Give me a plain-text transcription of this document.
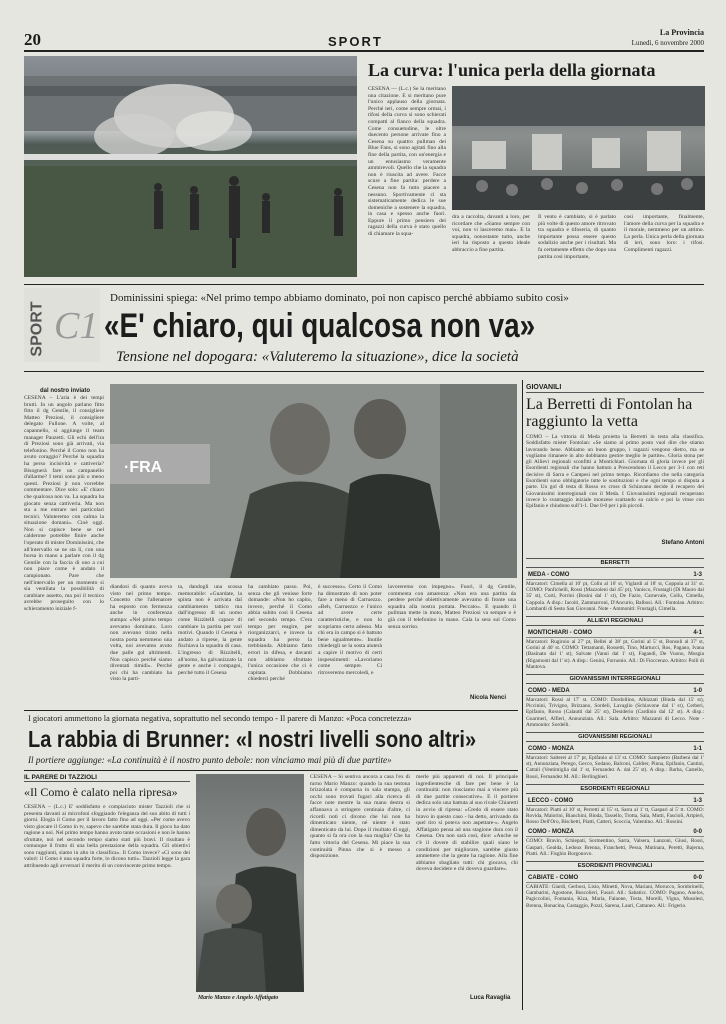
20	SPORT
La Provincia
Lunedì, 6 novembre 2000
La curva: l'unica perla della giornata
CESENA — (L.c.) Se la meritano una citazione. E si meritano pure l'unico applauso della giornata. Perché ieri, come sempre ormai, i tifosi della curva si sono schierati compatti al fianco della squadra. Come consuetudine, le oltre duecento persone arrivate fino a Cesena su quattro pullman dei Blue Fans, si sono agitati fino alla fine della partita, con un'energia e un entusiasmo veramente ammirevoli. Quello che la squadra non è riuscita ad avere. Facce scure a fine partita: perdere a Cesena non fa tutto piacere a nessuno. Sportivamente ci sta sistematicamente dedica le sue domeniche a sostenere la squadra, in casa e spesso anche fuori. Eppure il primo pensiero dei ragazzi della curva è stato quello di chiamare la squa-
dra a raccolta, davanti a loro, per ricordare che «Siamo sempre con voi, non vi lasceremo mai». E la squadra, nonostante tutto, anche ieri ha risposto a questo ideale abbraccio a fine partita.
Il vento è cambiato, si è parlato più volte di questo amore ritrovato tra squadra e tifoseria, di quanto importante possa essere questo sodalizio anche per i risultati. Ma fa certamente effetto che dopo una partita così importante,
così importante, finalmente, l'amore della curva per la squadra e il morale, nemmeno per un attimo. La perla. Unica perla della giornata di ieri, sono loro: i tifosi. Complimenti ragazzi.
SPORT C1
Dominissini spiega: «Nel primo tempo abbiamo dominato, poi non capisco perché abbiamo subito così»
«E' chiaro, qui qualcosa non va»
Tensione nel dopogara: «Valuteremo la situazione», dice la società
dal nostro inviato
CESENA – L'aria è dei tempi brutti. In un angolo parlano fitto fitto il dg Gentile, il consigliere Matteo Preziosi, il consigliere delegato Fullone. A volte, al capannello, si aggiunge il team manager Pauzetti. Gli echi dell'ira di Preziosi sono già arrivati, via telefonino. Perché il Como non ha avuto coraggio? Perché la squadra ha perso incisività e cattiveria? Bisognerà fare un campanello d'allarme? I temi sono più o meno questi. Preziosi jr non vorrebbe commentare. Dice solo: «E' chiaro che qualcosa non va. La squadra ha giocato senza cattiveria. Ma non sta a me entrare nei particolari tecnici. Valuteremo con calma la situazione domani». Cioè oggi. Non si capisce bene se nel calderone potrebbe finire anche l'operato di mister Dominissini, che all'intervallo se ne sta lì, con una borsa in mano a parlare con il dg Gentile con la faccia di uno a cui non piace come è andato il campionato. Pare che nell'intervallo per un momento si sia ventilata la possibilità di cambiare assetto, ma poi il tecnico avrebbe proseguito con lo schieramento iniziale f-
·FRA
diandosi di quanto aveva visto nel primo tempo. Concetto che l'allenatore ha esposto con fermezza anche in conferenza stampa: «Nel primo tempo avevamo dominato. Loro non avevano tirato nella nostra porta nemmeno una volta, noi avevamo avuto due palle gol altrimenti. Non capisco perché siamo diventati timidi». Perché poi chi ha cambiato ha visto la parti-
ta, dandogli una scossa memorabile: «Guardate, la spinta non è arrivata dal cambiamento tattico ma dall'ingresso di un uomo come Rizzitelli capace di cambiare la partita per vari motivi. Quando il Cesena è andato a riprese, la gente fischiava la squadra di casa. L'ingresso di Rizzitelli, all'uomo, ha galvanizzato la gente e anche i compagni, perché tutto il Cesena
ha cambiato passo. Poi, senza che gli venisse forte domande: «Non ho capito, invece, perché il Como abbia subito così il Cesena nel secondo tempo. C'era tempo per reagire, per riorganizzarci, e invece la squadra ha perso la trebbianda. Abbiamo fatto errori in difesa, e davanti non abbiamo sfruttato l'unica occasione che ci è capitata. Dobbiamo chiederci perché
è successo». Certo il Como ha dimostrato di non poter fare a meno di Carruezzo. «Beh, Carruezzo e l'unico ad avere certe caratteristiche, e non lo scopriamo certo adesso. Ma chi era in campo si è battuto bene ugualmente». Inutile chiedergli se la sosta aiuterà a capire il motivo di certi inspessimenti: «Lavoriamo come sempre. Ci ritroveremo mercoledì, e
lavoreremo con impegno». Fuori, il dg Gentile, commenta con amarezza: «Non era una partita da perdere perché obiettivamente avevamo di fronte una squadra alla nostra portata. Peccato». E quando il pullman mette in moto, Matteo Preziosi va sempre o è già con il telefonino in mano. Cala la sera sul Como senza sorriso.
Nicola Nenci
GIOVANILI
La Berretti di Fontolan ha raggiunto la vetta
COMO – La vittoria di Meda proietta la Berretti in testa alla classifica. Soddisfatto mister Fontolan: «Se siamo al primo posto vuol dire che stiamo lavorando bene. Abbiamo un buon gruppo, i ragazzi vengono dietro, ma se vogliamo rimanere in alto dobbiamo gestire meglio le partite». Gloria stona per gli Allievi regionali sconfitti a Montichiari. Giornata di gloria invece per gli Esordienti regionali che hanno battuto a Prescendono il Lecco per 3-1 con reti decisive di Sarra e Campesi nel primo tempo. Ricordiamo che nella categoria Esordienti sono obbligatorie tutte le sostituzioni e che ogni tempo si disputa a parte. Un gol di testa di Rosso ex cross di Schiavano decide il recupero dei Giovanissimi interregionali con il Meda. I Giovanissimi regionali recuperano invece lo svantaggio iniziale monzese scattando su calcio e poi la vinse con Epifanio e chiudono sull'1-1. Due 0-0 per i più piccoli.
Stefano Antoni
BERRETTI
MEDA - COMO	1-3
Marcatori: Cimella al 10' pt, Collu al 16' st, Viglardi al 18' st, Coppola al 31' st. COMO: Panfichelli, Rossi (Mazzoleni dal 45' pt), Vanisco, Frustagli (Di Mauro dal 35' st), Corti, Porrini (Bosini dal 1' st), De Fazio, Carnevale, Collu, Cimella, Coppola. A disp.: Iacoiti, Zammarroni, D'Ancurio, Balbosi. All.: Fontolan. Arbitro: Lombardi di Sesto San Giovanni. Note - Ammoniti: Frustagli, Cimella.
ALLIEVI REGIONALI
MONTICHIARI - COMO	4-1
Marcatori: Rugiroio al 27' pt, Bellei al 38' pt, Gorini al 5' st, Bonsoli al 37' st, Gorini al 40' st. COMO: Tettamanti, Rossetti, Tino, Martucci, Ros, Pagano, Ivana (Basinato dal 1' st), Salvate (Vanni dal 1' st), Fagandi, De Vuono, Musgia (Rigamonti dal 1' st). A disp.: Genini, Fornonio. All.: Di Fioccenzo. Arbitro: Polli di Mantova.
GIOVANISSIMI INTERREGIONALI
COMO - MEDA	1-0
Marcatori: Rossi al 17' st. COMO: Dordollino, Albizzati (Binda dal 15' st), Piccinini, Trivigno, Brizzano, Sordeli, Lavaglio (Schiavone dal 1' st), Cerberi, Epifanio, Rosso (Calautti dal 25' st), Desiderio (Cardinio dal 12' st). A disp.: Guarmeri, Alfieri, Annunziata. All.: Sala. Arbitro: Mazzanti di Lecco. Note - Ammonito: Sordelli.
GIOVANISSIMI REGIONALI
COMO - MONZA	1-1
Marcatori: Salterei al 17' pt, Epifanio al 13' st. COMO: Sampietro (Barbeni dal 1' st), Annunziata, Perego, Gecco, Sodano, Balconi, Caldrer, Pinna, Epifanio, Cantini, Cattali (Ventimiglia dal 1' st, Fernandez A. dal 25' st). A disp.: Barba, Castello, Rossi, Fernandez M. All.: Berlinghieri.
ESORDIENTI REGIONALI
LECCO - COMO	1-3
Marcatori: Piatti al 10' st, Perretti al 15' st, Sarra al 1' tt, Gaspari al 5' tt. COMO: Rovida, Maiorini, Bianchini, Binda, Tassello, Trotta, Sala, Mutti, Fascioli, Artpieri, Rosso Dell'Oro, Bischetti, Piatti, Catteri, Scoccia, Valentino. All.: Rossini.
COMO - MONZA	0-0
COMO: Bravin, Schiepati, Sormentino, Sarra, Valsera, Lanzoni, Giusi, Rossi, Gaspari, Gealda, Ledoux Brenna, Franchetti, Pessa, Mutinara, Peretti, Bajerna, Piatti. All.: Fisghio Borgonovo.
ESORDIENTI PROVINCIALI
CABIATE - COMO	0-0
CABIATE: Giardi, Gerbosi, Lisio, Minetti, Nova, Mariani, Morucco, Sornbrinelli, Gambarini, Agostone, Buscolieri, Fusari. All.: Sabaticc. COMO: Pagano, Anelos, Pagiccolini, Fontania, Kiza, Maria, Falaone, Tosta, Morelli, Vigna, Musolesi, Brenna, Bonacina, Castaggio, Pozzi, Sarena, Lauri, Cattaneo. All.: Frigerio.
I giocatori ammettono la giornata negativa, soprattutto nel secondo tempo - Il parere di Manzo: «Poca concretezza»
La rabbia di Brunner: «I nostri livelli sono altri»
Il portiere aggiunge: «La continuità è il nostro punto debole: non vinciamo mai più di due partite»
IL PARERE DI TAZZIOLI
«Il Como è calato nella ripresa»
CESENA – (L.c.) E' soddisfatto e compiaciuto mister Tazzioli che si presenta davanti ai microfoni sfoggiando l'eleganza del suo abito di tutti i giorni. Elogia il Como per il lavoro fatto fino ad oggi. «Per come avevo visto giocare il Como in tv, sapevo che sarebbe stata dura. Il gioco ha dato ragione a noi. Nel primo tempo hanno avuto tante occasioni e non le hanno sfruttate, noi nel secondo tempo siamo stati più bravi. Il risultato è comunque il frutto di una bella prestazione della squadra. Gli obiettivi sono raggiunti, siamo in alto in classifica». Il Como invece? «Ci sono dei valori: il Como è una squadra forte, lo dicono tutti». Tazzioli legge la gara attribuendo agli avversari il merito di un convincente primo tempo.
Mario Manzo e Angelo Affatigato
CESENA – Si sentiva ancora a casa l'ex di turno Mario Manzo: quando la sua testona brizzolata è comparsa in sala stampa, gli occhi sono trovati fugaci alla ricerca di facce note mentre la sua mano destra si affannava a stringere centinaia d'altre, ci ricordi noti ci dicono che lui non ha dimenticato niente, né niente è stato dimenticato da lui. Dopo il risultato di oggi, quanto si fa ora con la sua maglia? Che ha fatto vittoria del Cesena. Mi piace la sua continuità Pinna che si è messo a disposizione.
merle più apparenti di noi. Il principale ingredientesche di fare per bene è la continuità: non riusciamo mai a vincere più di due partite consecutive». E il portiere dedica solo una battuta al suo rivale Chiaretti in avvio di ripresa: «Credo di essere stato bravo in questo caso - ha detto, arrivando da quel tiro si poteva non aspettare-». Angelo Affatigato pensa ad una stagione dura con il Cesena. Ora non sarà così, dice: «Anche se c'è il dovere di stabilire quali siano le condizioni per migliorare, sarebbe giusto ammettere che la gente ha ragione. Alla fine abbiamo sbagliato tutti: chi giocava, chi doveva decidere e chi doveva guardare».
Luca Ravaglia
